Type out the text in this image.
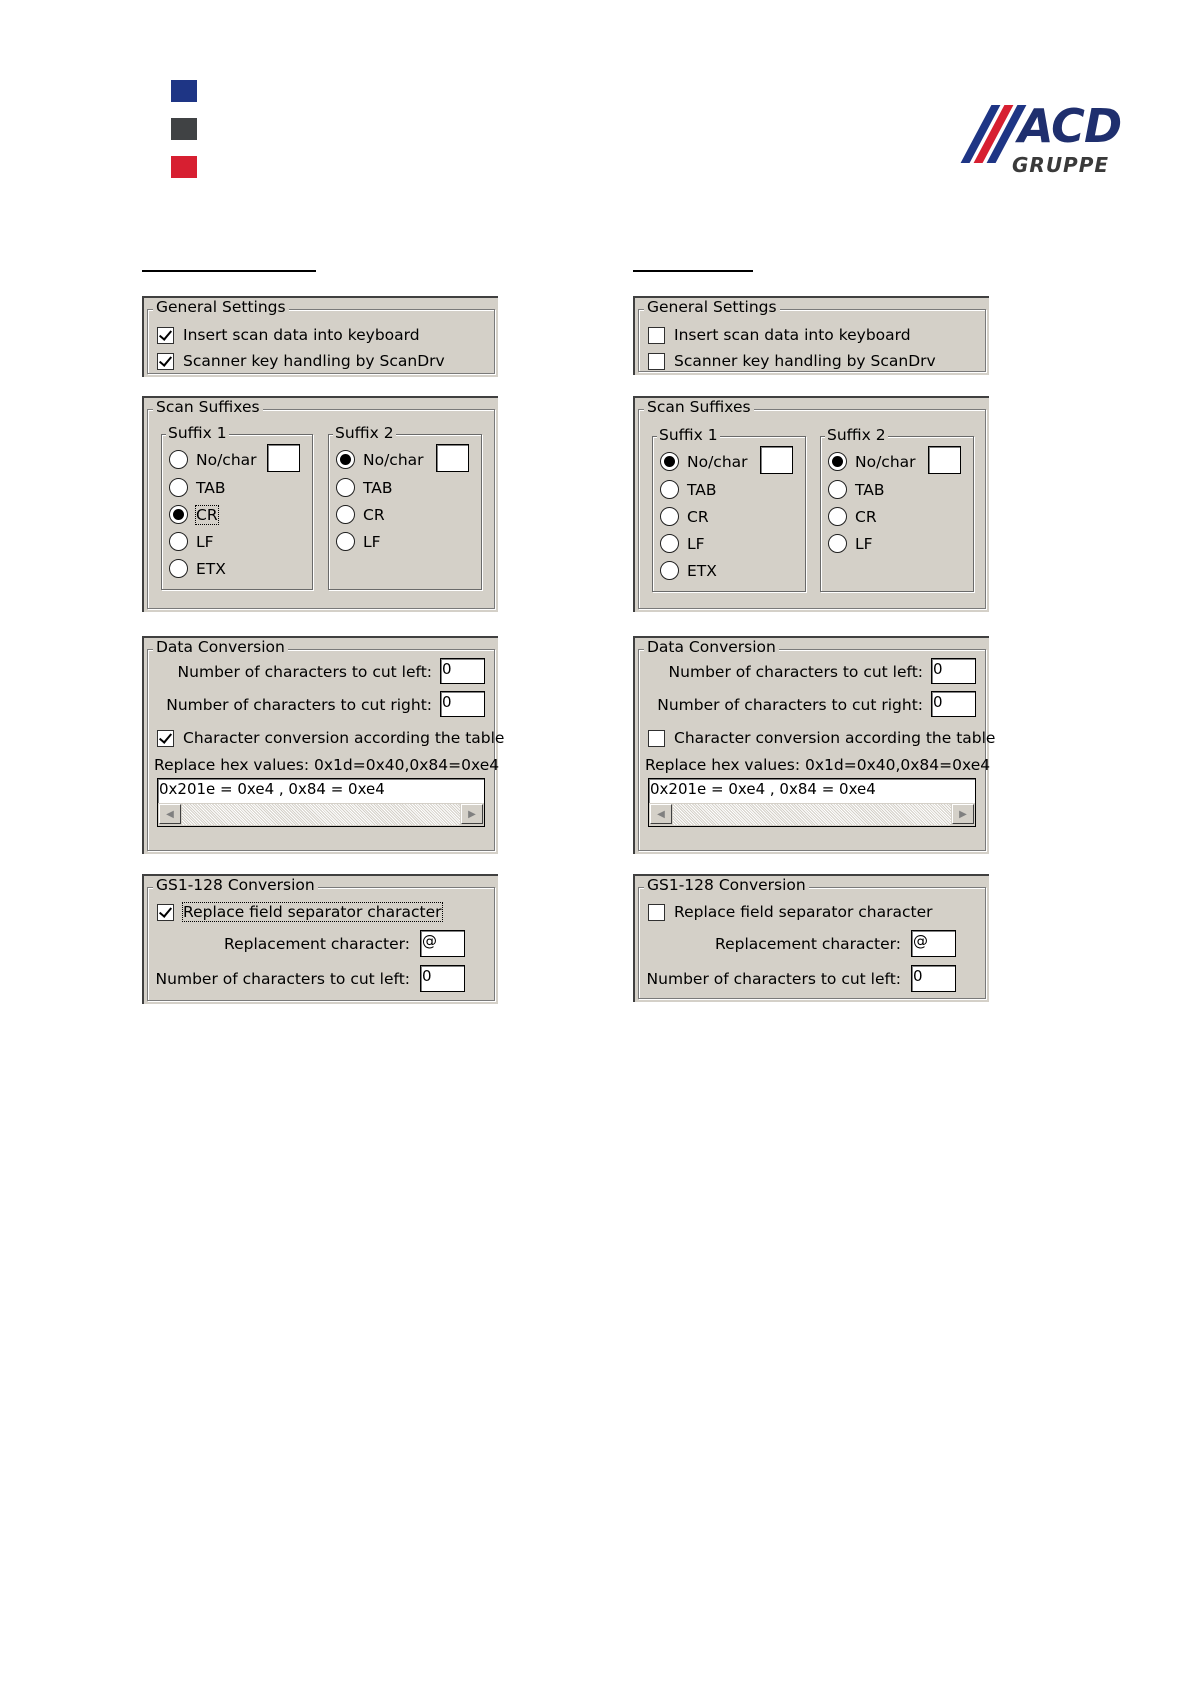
ACD
GRUPPE
General Settings
Insert scan data into keyboard
Scanner key handling by ScanDrv
Scan Suffixes
Suffix 1
No/char
TAB
CR
LF
ETX
Suffix 2
No/char
TAB
CR
LF
Data Conversion
Number of characters to cut left: 0
Number of characters to cut right: 0
Character conversion according the table
Replace hex values: 0x1d=0x40,0x84=0xe4
0x201e = 0xe4 , 0x84 = 0xe4
◀	▶
GS1-128 Conversion
Replace field separator character
Replacement character: @
Number of characters to cut left: 0
General Settings
Insert scan data into keyboard
Scanner key handling by ScanDrv
Scan Suffixes
Suffix 1
No/char
TAB
CR
LF
ETX
Suffix 2
No/char
TAB
CR
LF
Data Conversion
Number of characters to cut left: 0
Number of characters to cut right: 0
Character conversion according the table
Replace hex values: 0x1d=0x40,0x84=0xe4
0x201e = 0xe4 , 0x84 = 0xe4
◀	▶
GS1-128 Conversion
Replace field separator character
Replacement character: @
Number of characters to cut left: 0
